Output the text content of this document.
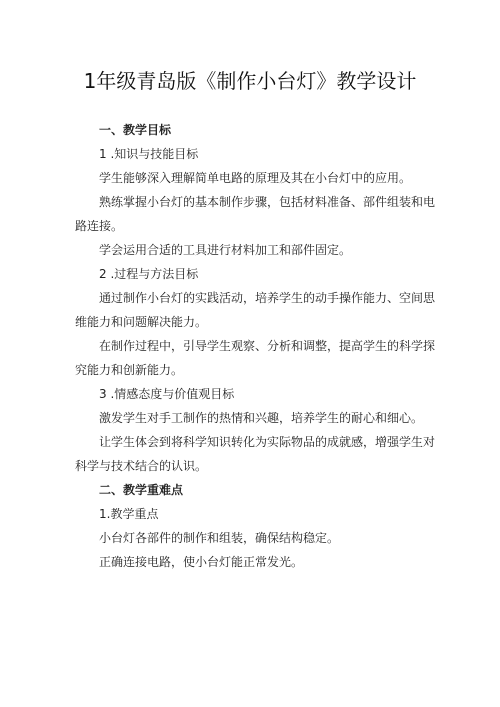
1年级青岛版《制作小台灯》教学设计

一、教学目标

1 .知识与技能目标

学生能够深入理解简单电路的原理及其在小台灯中的应用。

熟练掌握小台灯的基本制作步骤，包括材料准备、部件组装和电路连接。

学会运用合适的工具进行材料加工和部件固定。

2 .过程与方法目标

通过制作小台灯的实践活动，培养学生的动手操作能力、空间思维能力和问题解决能力。

在制作过程中，引导学生观察、分析和调整，提高学生的科学探究能力和创新能力。

3 .情感态度与价值观目标

激发学生对手工制作的热情和兴趣，培养学生的耐心和细心。

让学生体会到将科学知识转化为实际物品的成就感，增强学生对科学与技术结合的认识。

二、教学重难点

1.教学重点

小台灯各部件的制作和组装，确保结构稳定。

正确连接电路，使小台灯能正常发光。
